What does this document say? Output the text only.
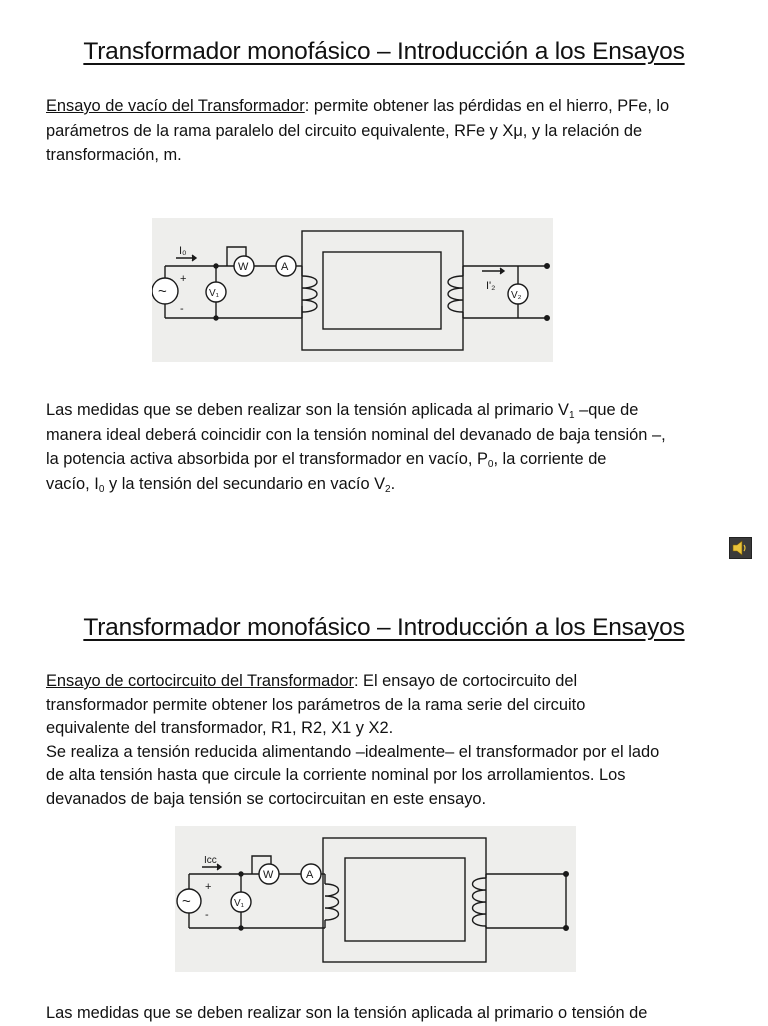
Transformador monofásico – Introducción a los Ensayos
Ensayo de vacío del Transformador: permite obtener las pérdidas en el hierro, PFe, lo
parámetros de la rama paralelo del circuito equivalente, RFe y Xμ, y la relación de
transformación, m.
I₀
+
-
~
W	A
V₁
I'₂
V₂
Las medidas que se deben realizar son la tensión aplicada al primario $V_1$ –que de
manera ideal deberá coincidir con la tensión nominal del devanado de baja tensión –,
la potencia activa absorbida por el transformador en vacío, $P_0$, la corriente de
vacío, $I_0$ y la tensión del secundario en vacío $V_2$.
Transformador monofásico – Introducción a los Ensayos
Ensayo de cortocircuito del Transformador: El ensayo de cortocircuito del
transformador permite obtener los parámetros de la rama serie del circuito
equivalente del transformador, R1, R2, X1 y X2.
Se realiza a tensión reducida alimentando –idealmente– el transformador por el lado
de alta tensión hasta que circule la corriente nominal por los arrollamientos. Los
devanados de baja tensión se cortocircuitan en este ensayo.
Icc
+
-
~
W	A
V₁
Las medidas que se deben realizar son la tensión aplicada al primario o tensión de
